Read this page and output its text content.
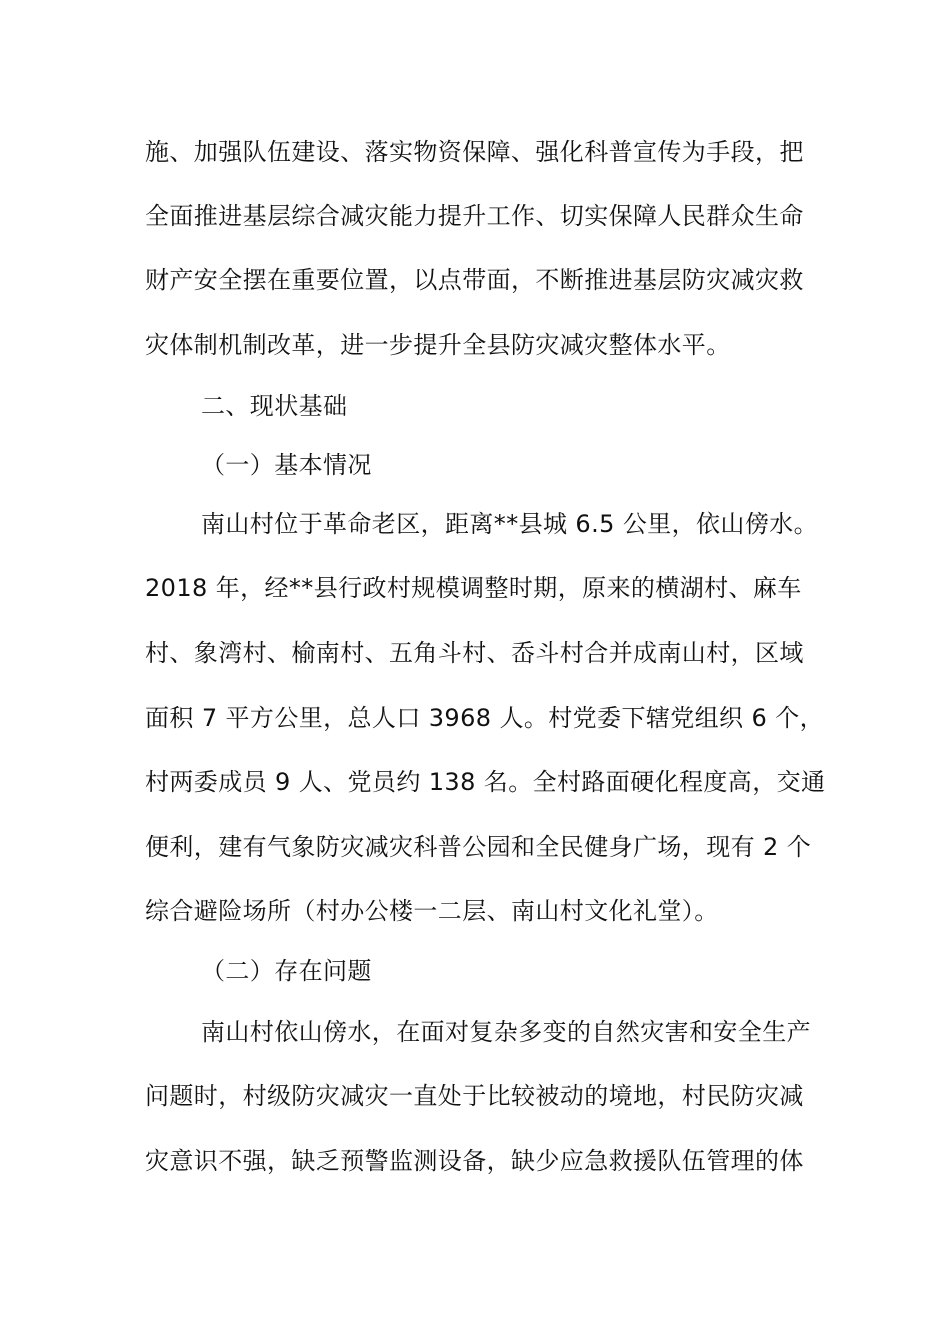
施、加强队伍建设、落实物资保障、强化科普宣传为手段，把
全面推进基层综合减灾能力提升工作、切实保障人民群众生命
财产安全摆在重要位置，以点带面，不断推进基层防灾减灾救
灾体制机制改革，进一步提升全县防灾减灾整体水平。
二、现状基础
（一）基本情况
南山村位于革命老区，距离**县城 6.5 公里，依山傍水。
2018 年，经**县行政村规模调整时期，原来的横湖村、麻车
村、象湾村、榆南村、五角斗村、岙斗村合并成南山村，区域
面积 7 平方公里，总人口 3968 人。村党委下辖党组织 6 个，
村两委成员 9 人、党员约 138 名。全村路面硬化程度高，交通
便利，建有气象防灾减灾科普公园和全民健身广场，现有 2 个
综合避险场所（村办公楼一二层、南山村文化礼堂）。
（二）存在问题
南山村依山傍水，在面对复杂多变的自然灾害和安全生产
问题时，村级防灾减灾一直处于比较被动的境地，村民防灾减
灾意识不强，缺乏预警监测设备，缺少应急救援队伍管理的体
